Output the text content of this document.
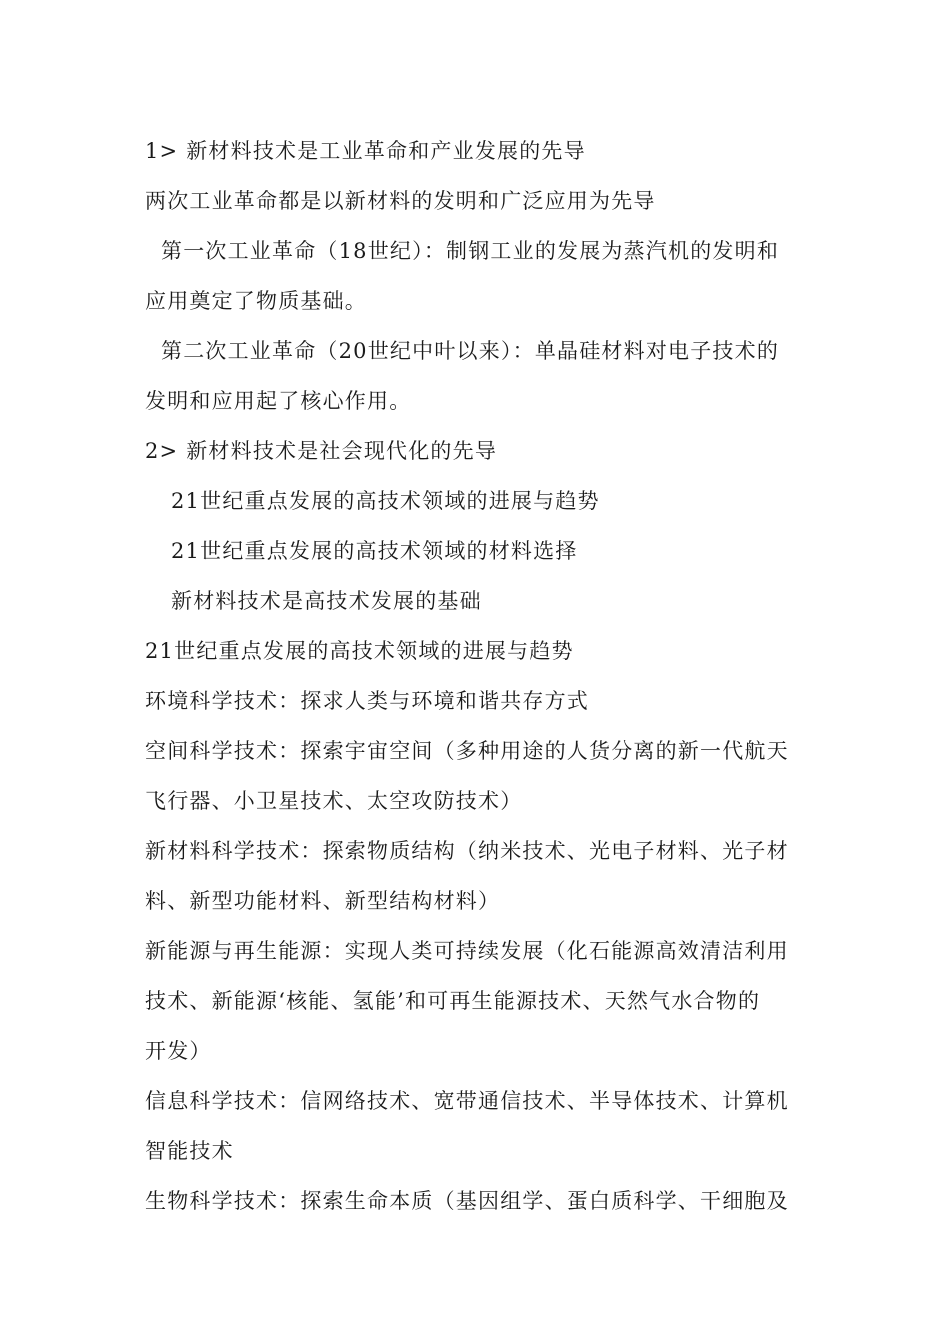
1> 新材料技术是工业革命和产业发展的先导

两次工业革命都是以新材料的发明和广泛应用为先导

第一次工业革命（18世纪）：制钢工业的发展为蒸汽机的发明和

应用奠定了物质基础。

第二次工业革命（20世纪中叶以来）：单晶硅材料对电子技术的

发明和应用起了核心作用。

2> 新材料技术是社会现代化的先导

21世纪重点发展的高技术领域的进展与趋势

21世纪重点发展的高技术领域的材料选择

新材料技术是高技术发展的基础

21世纪重点发展的高技术领域的进展与趋势

环境科学技术：探求人类与环境和谐共存方式

空间科学技术：探索宇宙空间（多种用途的人货分离的新一代航天

飞行器、小卫星技术、太空攻防技术）

新材料科学技术：探索物质结构（纳米技术、光电子材料、光子材

料、新型功能材料、新型结构材料）

新能源与再生能源：实现人类可持续发展（化石能源高效清洁利用

技术、新能源‘核能、氢能’和可再生能源技术、天然气水合物的

开发）

信息科学技术：信网络技术、宽带通信技术、半导体技术、计算机

智能技术

生物科学技术：探索生命本质（基因组学、蛋白质科学、干细胞及
